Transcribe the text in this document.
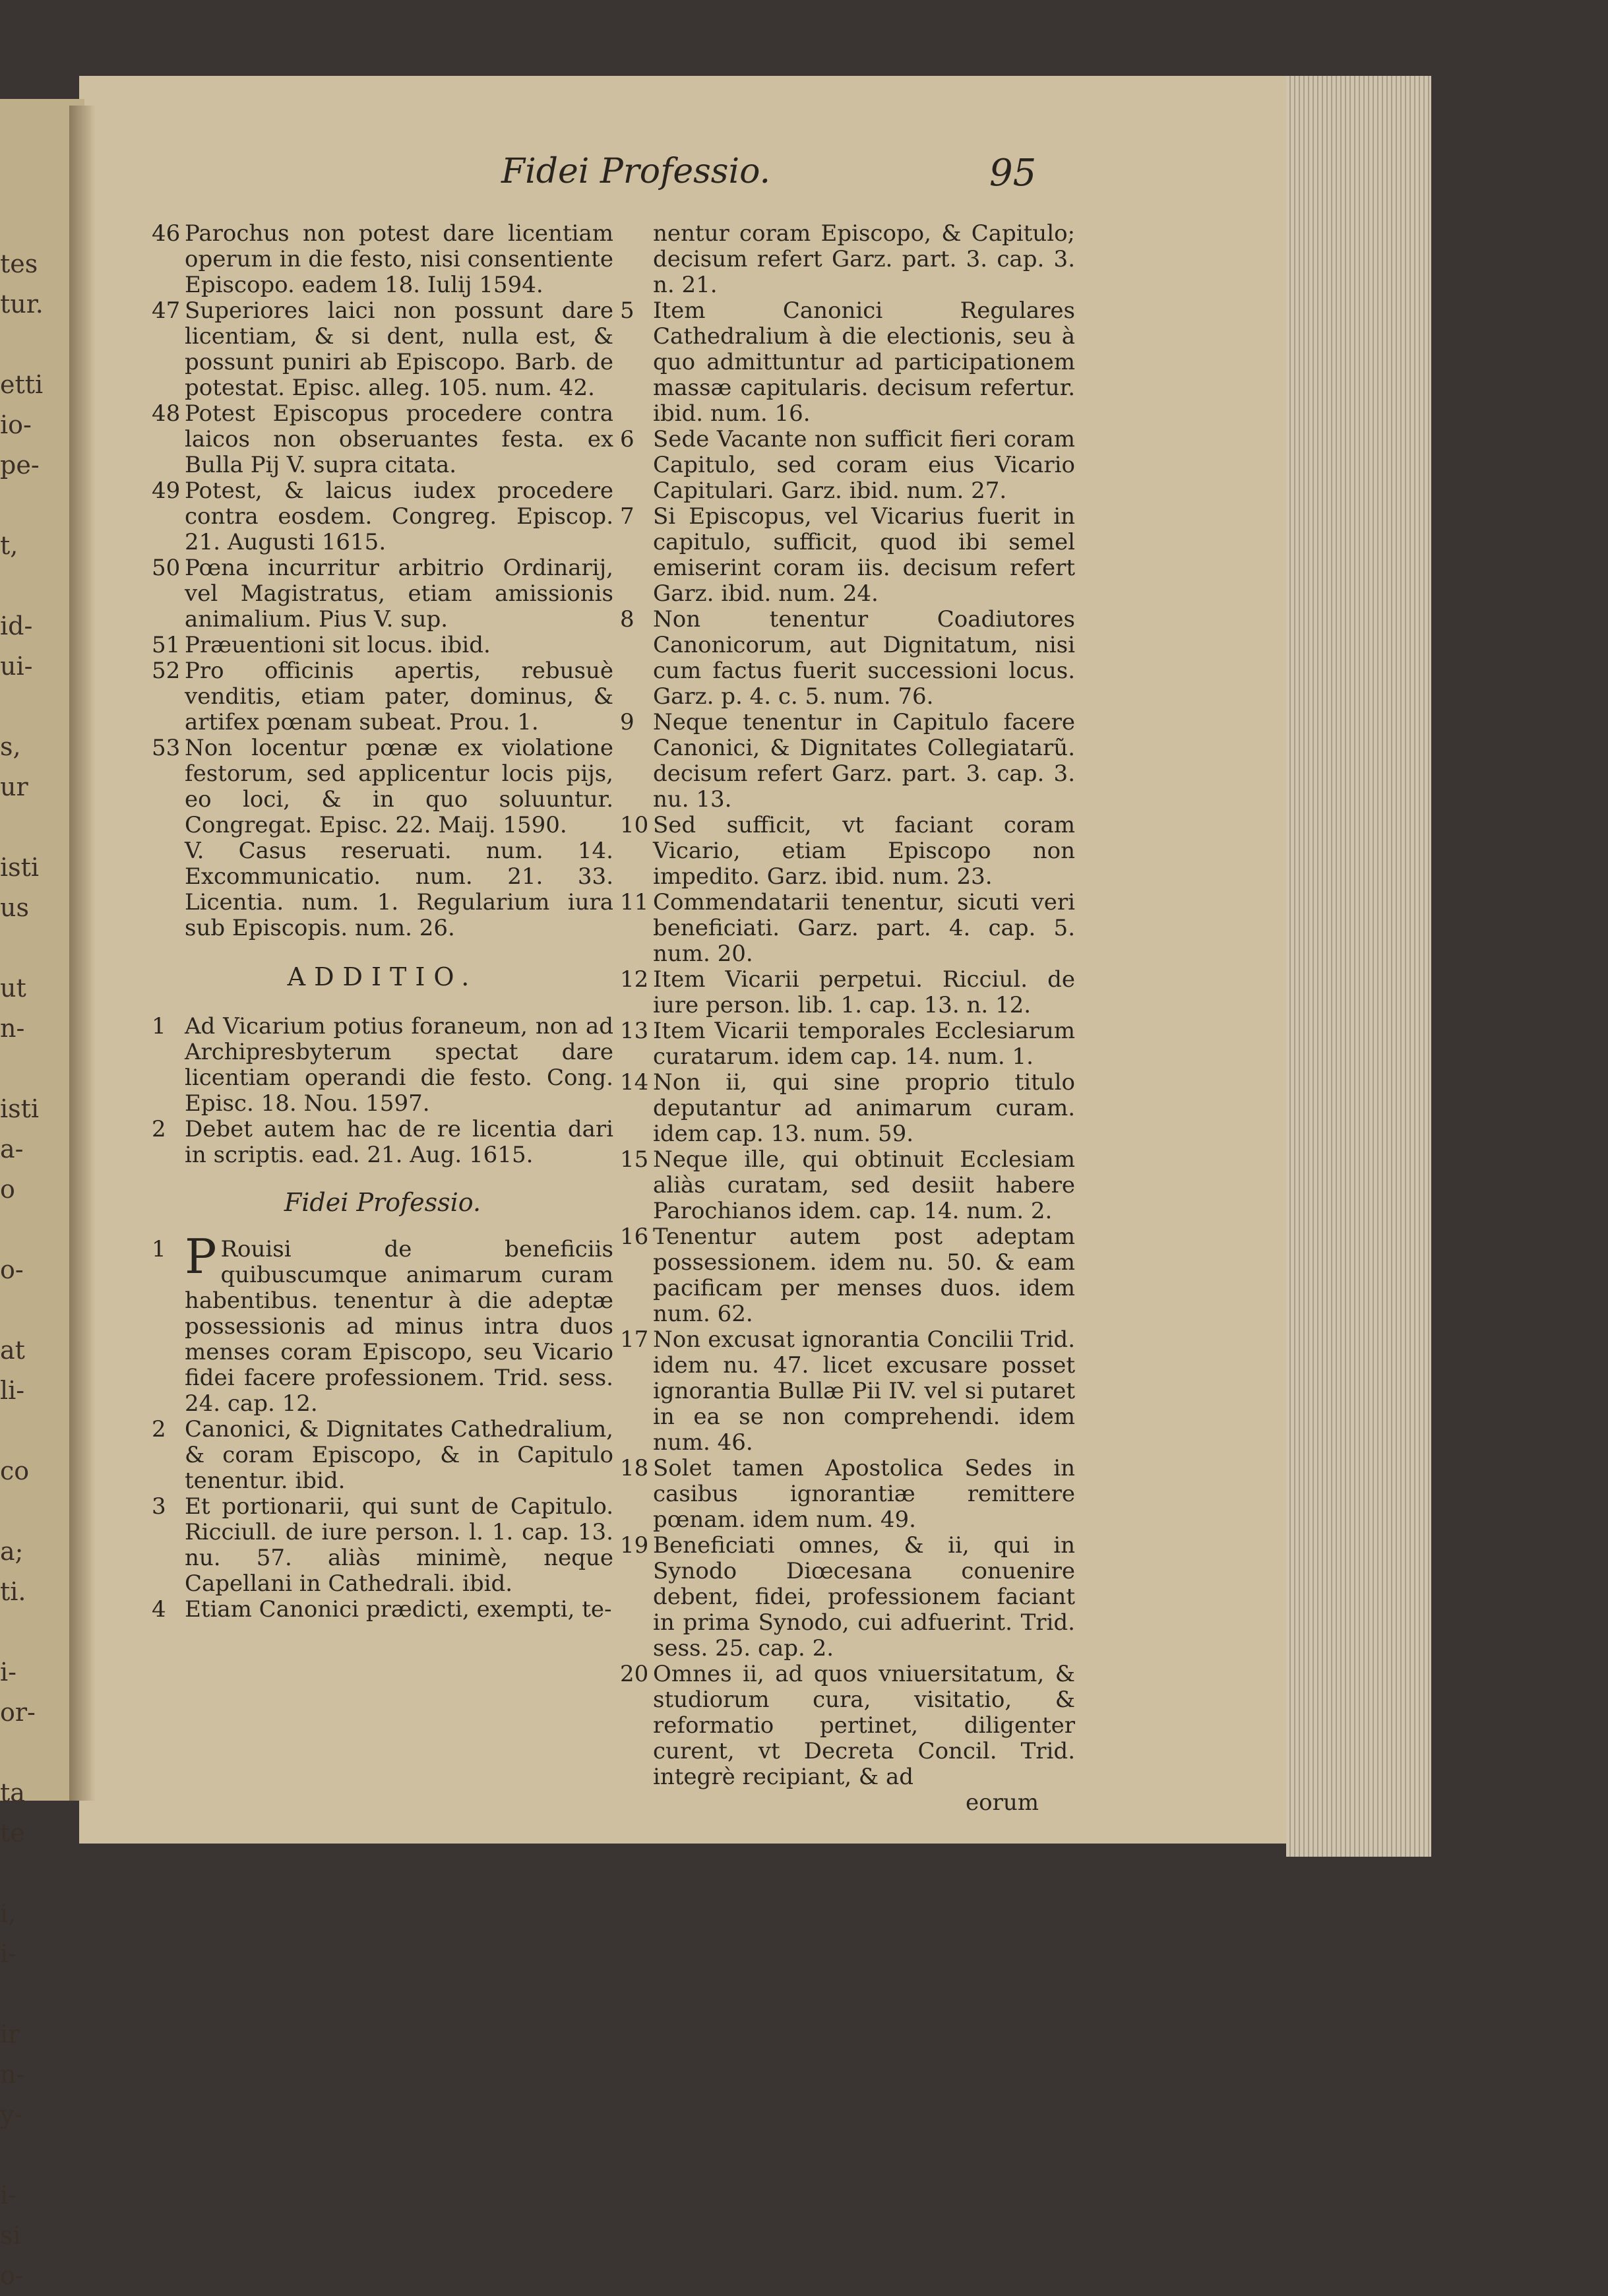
tes
tur.
etti
io-
pe-
t,
id-
ui-
s,
ur
isti
us
ut
n-
isti
a-
o
o-
at
li-
co
a;
ti.
i-
or-
ta
te
i,
i-
ir
n-
y-
i-
si
o-
Fidei Professio.	95
46 Parochus non potest dare licentiam operum in die festo, nisi consentiente Episcopo. eadem 18. Iulij 1594.
47 Superiores laici non possunt dare licentiam, & si dent, nulla est, & possunt puniri ab Episcopo. Barb. de potestat. Episc. alleg. 105. num. 42.
48 Potest Episcopus procedere contra laicos non obseruantes festa. ex Bulla Pij V. supra citata.
49 Potest, & laicus iudex procedere contra eosdem. Congreg. Episcop. 21. Augusti 1615.
50 Pœna incurritur arbitrio Ordinarij, vel Magistratus, etiam amissionis animalium. Pius V. sup.
51 Præuentioni sit locus. ibid.
52 Pro officinis apertis, rebusuè venditis, etiam pater, dominus, & artifex pœnam subeat. Prou. 1.
53 Non locentur pœnæ ex violatione festorum, sed applicentur locis pijs, eo loci, & in quo soluuntur. Congregat. Episc. 22. Maij. 1590.
V. Casus reseruati. num. 14. Excommunicatio. num. 21. 33. Licentia. num. 1. Regularium iura sub Episcopis. num. 26.
ADDITIO.
1 Ad Vicarium potius foraneum, non ad Archipresbyterum spectat dare licentiam operandi die festo. Cong. Episc. 18. Nou. 1597.
2 Debet autem hac de re licentia dari in scriptis. ead. 21. Aug. 1615.
Fidei Professio.
1 P Rouisi de beneficiis quibuscumque animarum curam habentibus. tenentur à die adeptæ possessionis ad minus intra duos menses coram Episcopo, seu Vicario fidei facere professionem. Trid. sess. 24. cap. 12.
2 Canonici, & Dignitates Cathedralium, & coram Episcopo, & in Capitulo tenentur. ibid.
3 Et portionarii, qui sunt de Capitulo. Ricciull. de iure person. l. 1. cap. 13. nu. 57. aliàs minimè, neque Capellani in Cathedrali. ibid.
4 Etiam Canonici prædicti, exempti, te-
nentur coram Episcopo, & Capitulo; decisum refert Garz. part. 3. cap. 3. n. 21.
5 Item Canonici Regulares Cathedralium à die electionis, seu à quo admittuntur ad participationem massæ capitularis. decisum refertur. ibid. num. 16.
6 Sede Vacante non sufficit fieri coram Capitulo, sed coram eius Vicario Capitulari. Garz. ibid. num. 27.
7 Si Episcopus, vel Vicarius fuerit in capitulo, sufficit, quod ibi semel emiserint coram iis. decisum refert Garz. ibid. num. 24.
8 Non tenentur Coadiutores Canonicorum, aut Dignitatum, nisi cum factus fuerit successioni locus. Garz. p. 4. c. 5. num. 76.
9 Neque tenentur in Capitulo facere Canonici, & Dignitates Collegiatarũ. decisum refert Garz. part. 3. cap. 3. nu. 13.
10 Sed sufficit, vt faciant coram Vicario, etiam Episcopo non impedito. Garz. ibid. num. 23.
11 Commendatarii tenentur, sicuti veri beneficiati. Garz. part. 4. cap. 5. num. 20.
12 Item Vicarii perpetui. Ricciul. de iure person. lib. 1. cap. 13. n. 12.
13 Item Vicarii temporales Ecclesiarum curatarum. idem cap. 14. num. 1.
14 Non ii, qui sine proprio titulo deputantur ad animarum curam. idem cap. 13. num. 59.
15 Neque ille, qui obtinuit Ecclesiam aliàs curatam, sed desiit habere Parochianos idem. cap. 14. num. 2.
16 Tenentur autem post adeptam possessionem. idem nu. 50. & eam pacificam per menses duos. idem num. 62.
17 Non excusat ignorantia Concilii Trid. idem nu. 47. licet excusare posset ignorantia Bullæ Pii IV. vel si putaret in ea se non comprehendi. idem num. 46.
18 Solet tamen Apostolica Sedes in casibus ignorantiæ remittere pœnam. idem num. 49.
19 Beneficiati omnes, & ii, qui in Synodo Diœcesana conuenire debent, fidei, professionem faciant in prima Synodo, cui adfuerint. Trid. sess. 25. cap. 2.
20 Omnes ii, ad quos vniuersitatum, & studiorum cura, visitatio, & reformatio pertinet, diligenter curent, vt Decreta Concil. Trid. integrè recipiant, & ad
eorum
